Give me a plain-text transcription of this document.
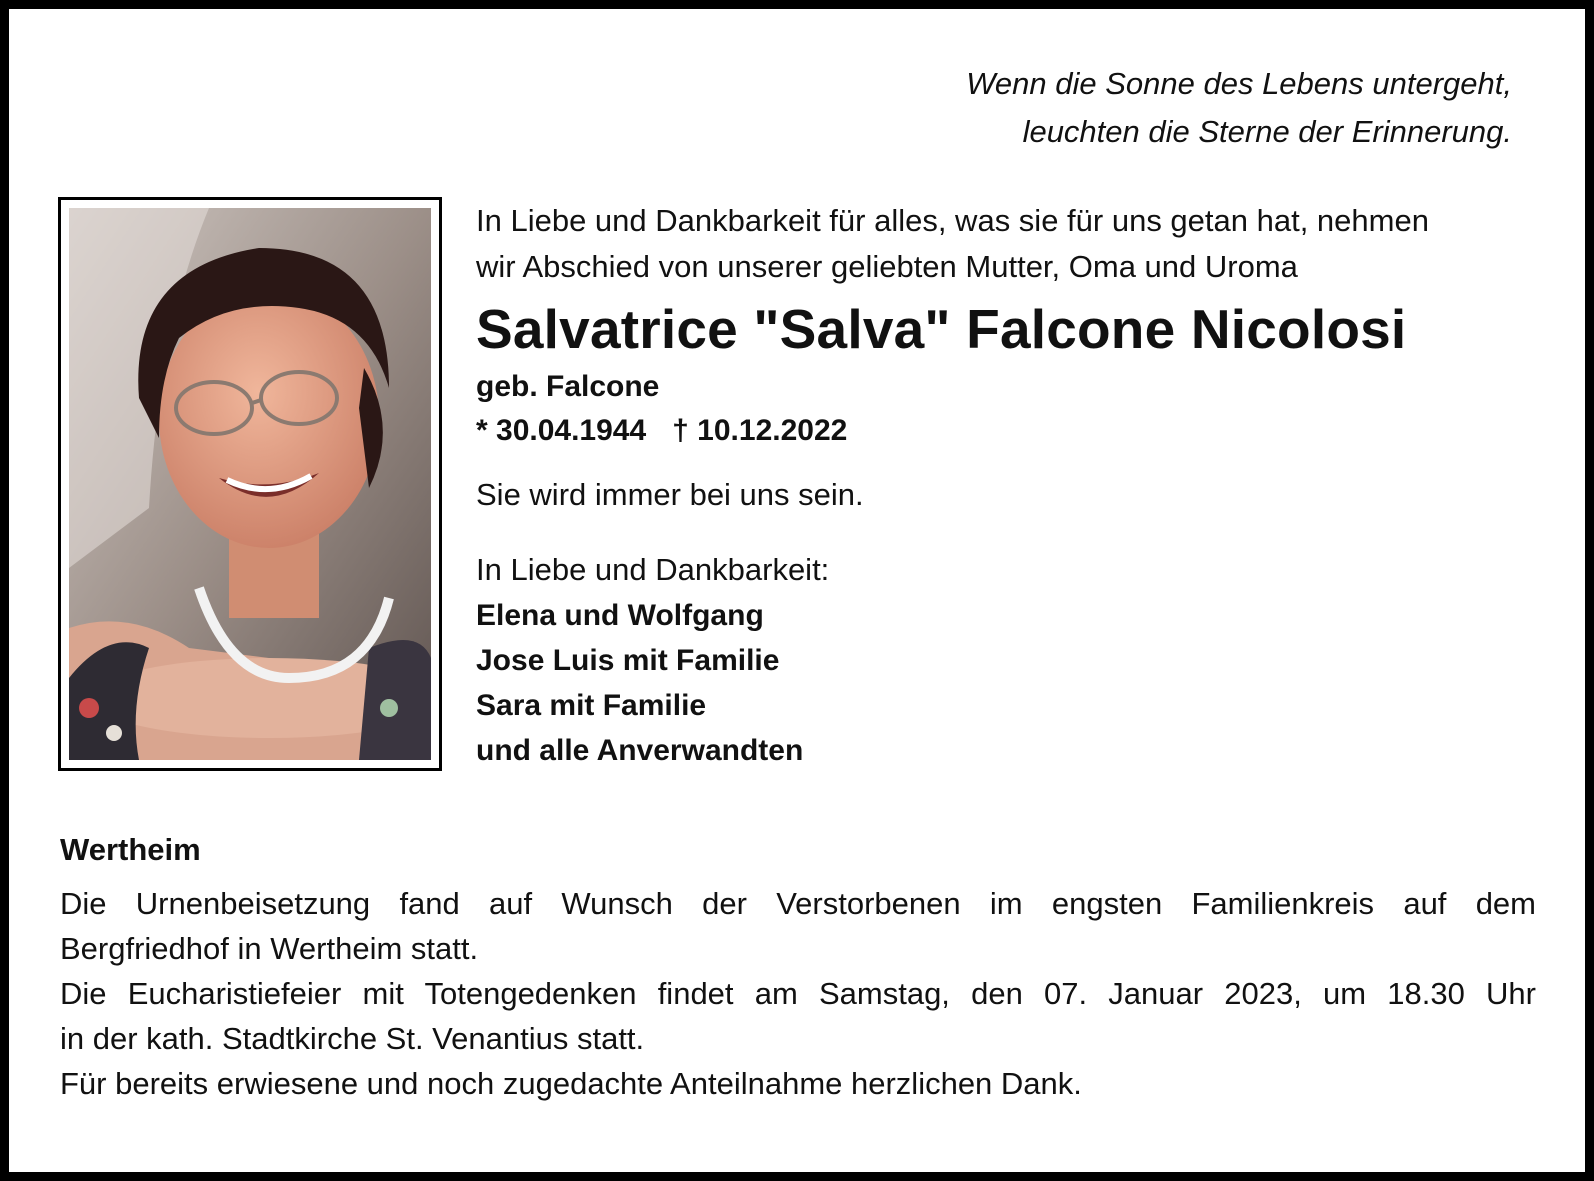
Wenn die Sonne des Lebens untergeht,
leuchten die Sterne der Erinnerung.
In Liebe und Dankbarkeit für alles, was sie für uns getan hat, nehmen
wir Abschied von unserer geliebten Mutter, Oma und Uroma
Salvatrice "Salva" Falcone Nicolosi
geb. Falcone
* 30.04.1944 † 10.12.2022
Sie wird immer bei uns sein.
In Liebe und Dankbarkeit:
Elena und Wolfgang
Jose Luis mit Familie
Sara mit Familie
und alle Anverwandten
Wertheim

Die Urnenbeisetzung fand auf Wunsch der Verstorbenen im engsten Familienkreis auf dem

Bergfriedhof in Wertheim statt.

Die Eucharistiefeier mit Totengedenken findet am Samstag, den 07. Januar 2023, um 18.30 Uhr

in der kath. Stadtkirche St. Venantius statt.

Für bereits erwiesene und noch zugedachte Anteilnahme herzlichen Dank.
